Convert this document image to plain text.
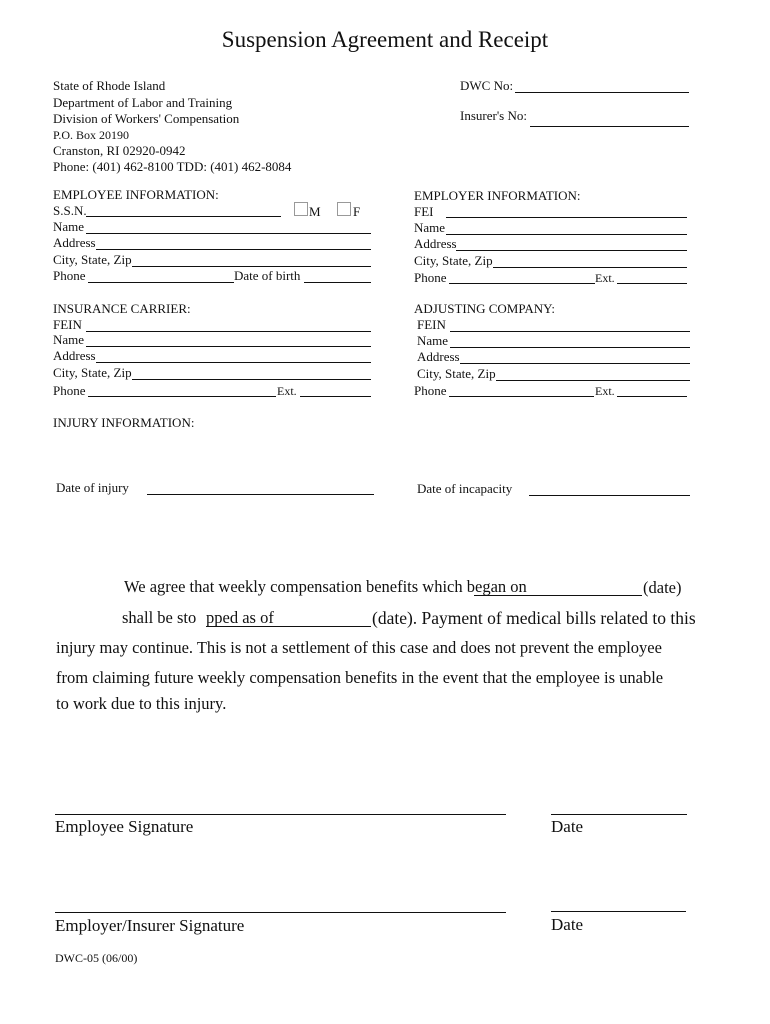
Suspension Agreement and Receipt
State of Rhode Island
Department of Labor and Training
Division of Workers' Compensation
P.O. Box 20190
Cranston, RI 02920-0942
Phone: (401) 462-8100 TDD: (401) 462-8084
DWC No:
Insurer's No:
EMPLOYEE INFORMATION:
S.S.N.	M F
Name
Address
City, State, Zip
Phone	Date of birth
EMPLOYER INFORMATION:
FEI
Name
Address
City, State, Zip
Phone	Ext.
INSURANCE CARRIER:
FEIN
Name
Address
City, State, Zip
Phone	Ext.
ADJUSTING COMPANY:
FEIN
Name
Address
City, State, Zip
Phone	Ext.
INJURY INFORMATION:
Date of injury	Date of incapacity
We agree that weekly compensation benefits which began on	(date)
shall be sto pped as of	(date). Payment of medical bills related to this
injury may continue. This is not a settlement of this case and does not prevent the employee
from claiming future weekly compensation benefits in the event that the employee is unable
to work due to this injury.
Employee Signature	Date
Employer/Insurer Signature	Date
DWC-05 (06/00)
